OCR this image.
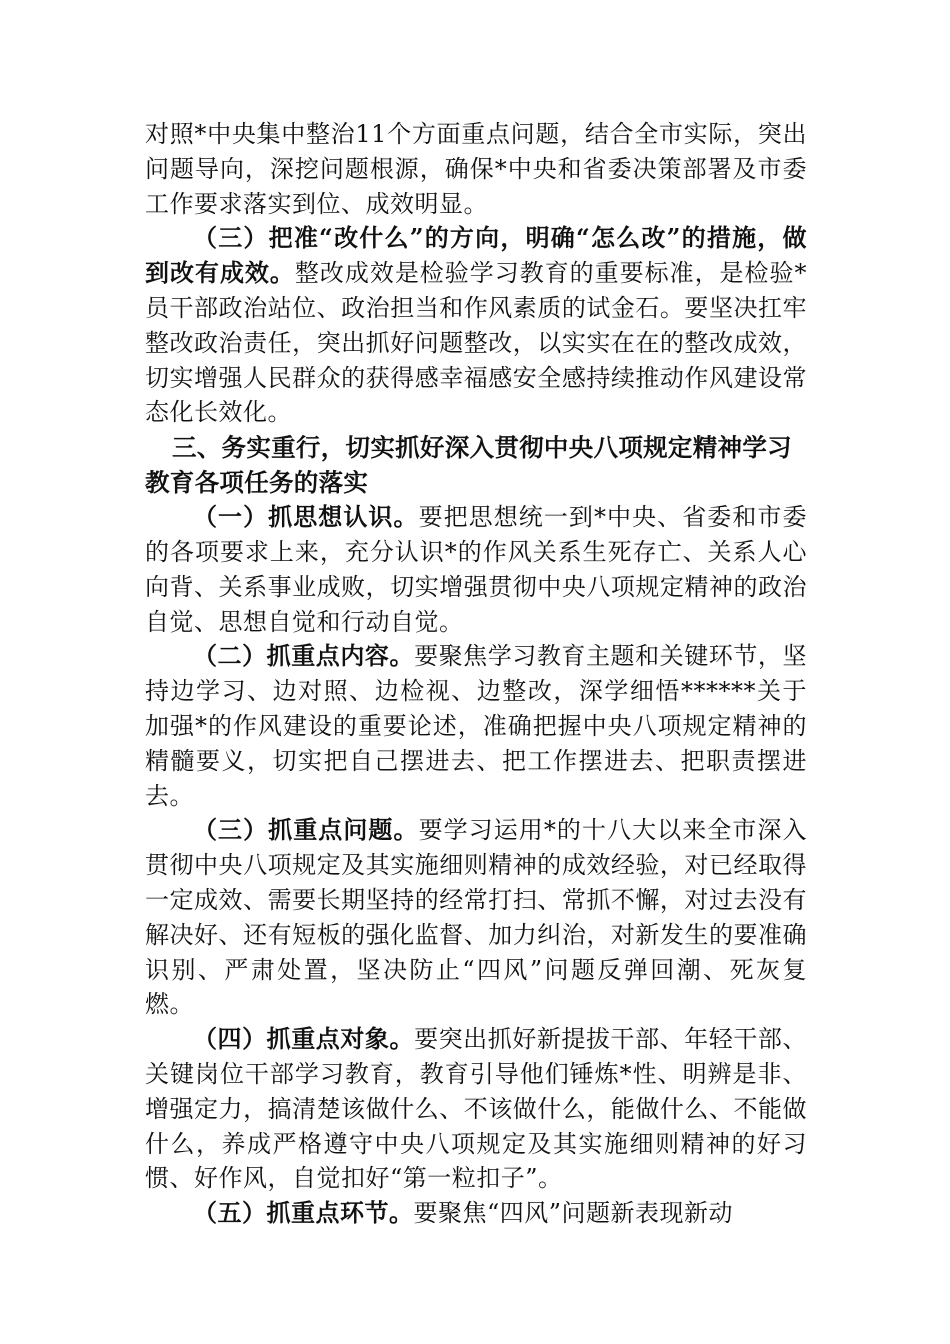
对照*中央集中整治11个方面重点问题，结合全市实际，突出问题导向，深挖问题根源，确保*中央和省委决策部署及市委工作要求落实到位、成效明显。

（三）把准“改什么”的方向，明确“怎么改”的措施，做到改有成效。整改成效是检验学习教育的重要标准，是检验*员干部政治站位、政治担当和作风素质的试金石。要坚决扛牢整改政治责任，突出抓好问题整改，以实实在在的整改成效，切实增强人民群众的获得感幸福感安全感持续推动作风建设常态化长效化。

三、务实重行，切实抓好深入贯彻中央八项规定精神学习教育各项任务的落实

（一）抓思想认识。要把思想统一到*中央、省委和市委的各项要求上来，充分认识*的作风关系生死存亡、关系人心向背、关系事业成败，切实增强贯彻中央八项规定精神的政治自觉、思想自觉和行动自觉。

（二）抓重点内容。要聚焦学习教育主题和关键环节，坚持边学习、边对照、边检视、边整改，深学细悟******关于加强*的作风建设的重要论述，准确把握中央八项规定精神的精髓要义，切实把自己摆进去、把工作摆进去、把职责摆进去。

（三）抓重点问题。要学习运用*的十八大以来全市深入贯彻中央八项规定及其实施细则精神的成效经验，对已经取得一定成效、需要长期坚持的经常打扫、常抓不懈，对过去没有解决好、还有短板的强化监督、加力纠治，对新发生的要准确识别、严肃处置，坚决防止“四风”问题反弹回潮、死灰复燃。

（四）抓重点对象。要突出抓好新提拔干部、年轻干部、关键岗位干部学习教育，教育引导他们锤炼*性、明辨是非、增强定力，搞清楚该做什么、不该做什么，能做什么、不能做什么，养成严格遵守中央八项规定及其实施细则精神的好习惯、好作风，自觉扣好“第一粒扣子”。

（五）抓重点环节。要聚焦“四风”问题新表现新动
